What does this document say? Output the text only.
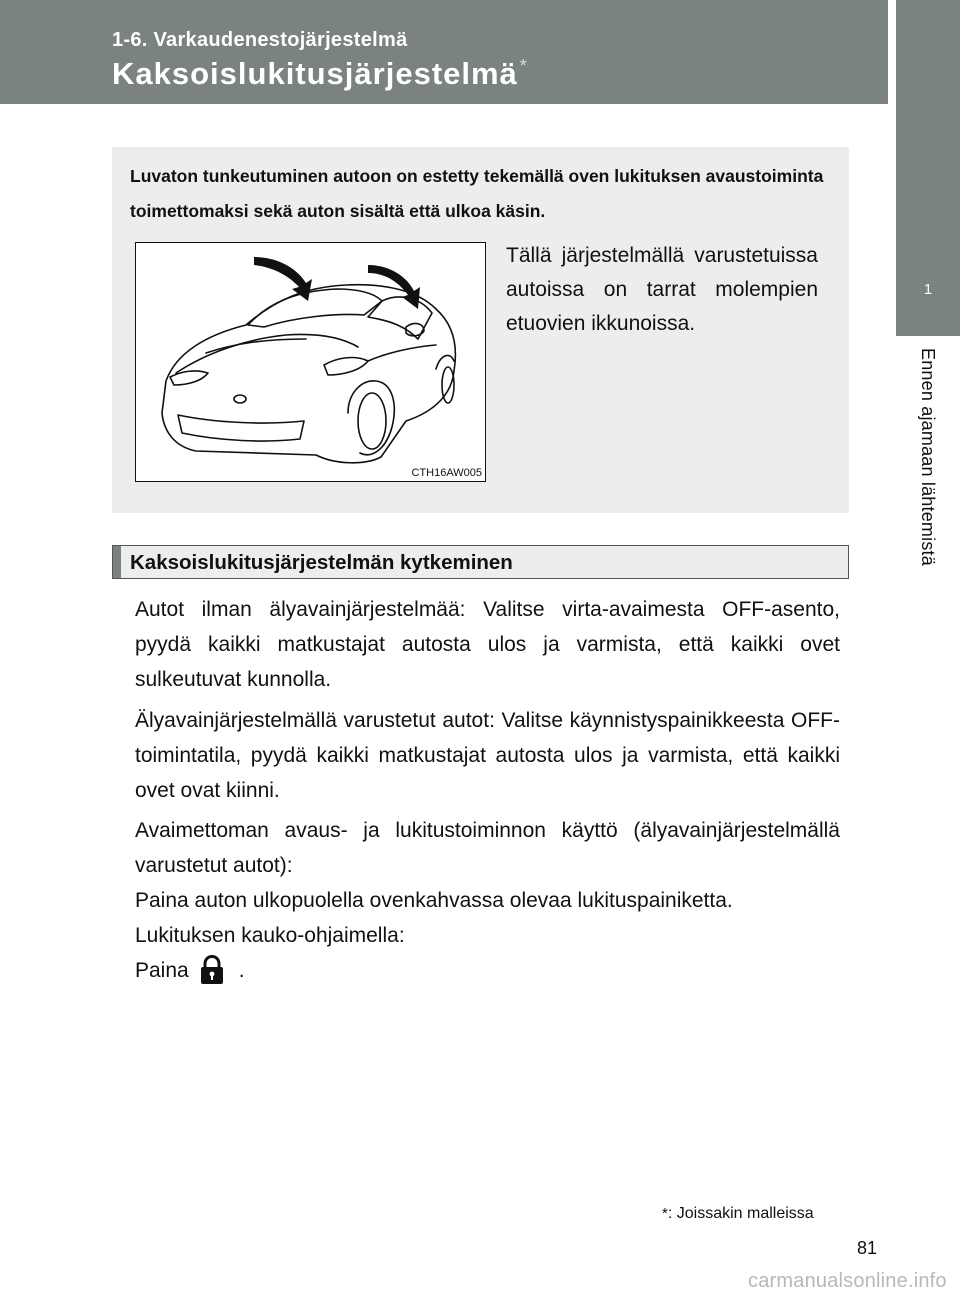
1-6. Varkaudenestojärjestelmä
Kaksoislukitusjärjestelmä *
1
Ennen ajamaan lähtemistä
Luvaton tunkeutuminen autoon on estetty tekemällä oven lukituksen avaustoiminta toimettomaksi sekä auton sisältä että ulkoa käsin.
CTH16AW005
Tällä järjestelmällä varustetuissa autoissa on tarrat molempien etuovien ikkunoissa.
Kaksoislukitusjärjestelmän kytkeminen
Autot ilman älyavainjärjestelmää: Valitse virta-avaimesta OFF-asento, pyydä kaikki matkustajat autosta ulos ja varmista, että kaikki ovet sulkeutuvat kunnolla.
Älyavainjärjestelmällä varustetut autot: Valitse käynnistyspainikkeesta OFF-toimintatila, pyydä kaikki matkustajat autosta ulos ja varmista, että kaikki ovet ovat kiinni.
Avaimettoman avaus- ja lukitustoiminnon käyttö (älyavainjärjestelmällä varustetut autot):
Paina auton ulkopuolella ovenkahvassa olevaa lukituspainiketta.
Lukituksen kauko-ohjaimella:
Paina .
*: Joissakin malleissa
81
carmanualsonline.info
